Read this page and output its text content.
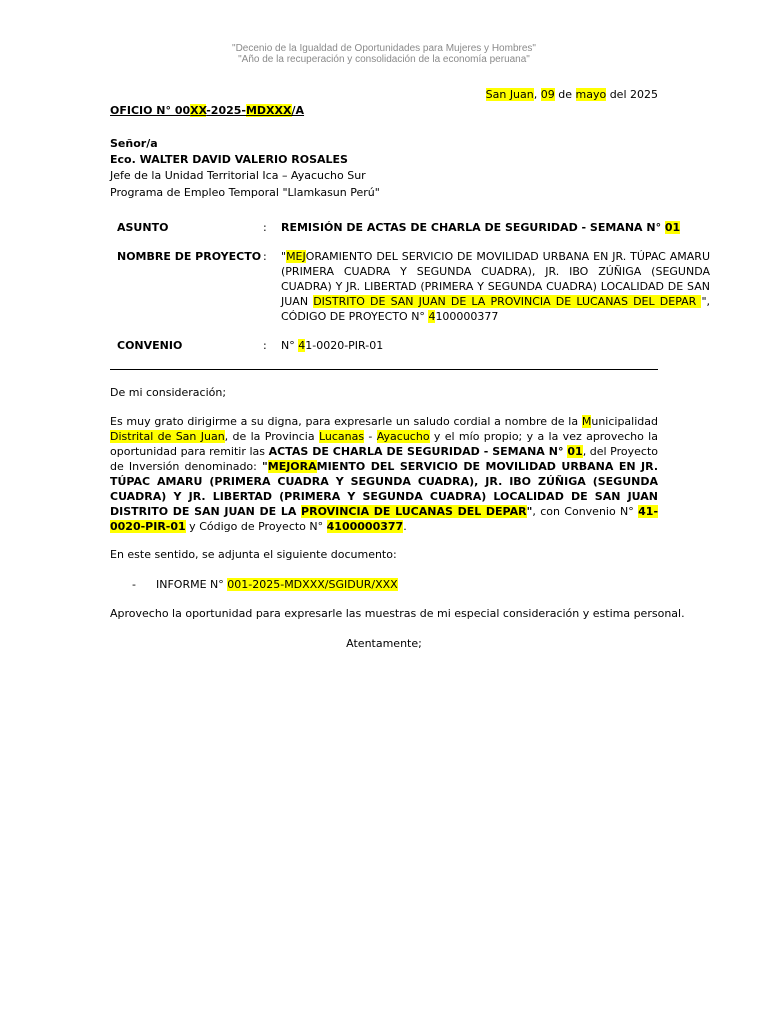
"Decenio de la Igualdad de Oportunidades para Mujeres y Hombres"
"Año de la recuperación y consolidación de la economía peruana"
San Juan, 09 de mayo del 2025
OFICIO N° 00XX-2025-MDXXX/A
Señor/a
Eco. WALTER DAVID VALERIO ROSALES
Jefe de la Unidad Territorial Ica – Ayacucho Sur
Programa de Empleo Temporal "Llamkasun Perú"
ASUNTO	: REMISIÓN DE ACTAS DE CHARLA DE SEGURIDAD - SEMANA N° 01
NOMBRE DE PROYECTO : "MEJORAMIENTO DEL SERVICIO DE MOVILIDAD URBANA EN JR. TÚPAC AMARU (PRIMERA CUADRA Y SEGUNDA CUADRA), JR. IBO ZÚÑIGA (SEGUNDA CUADRA) Y JR. LIBERTAD (PRIMERA Y SEGUNDA CUADRA) LOCALIDAD DE SAN JUAN DISTRITO DE SAN JUAN DE LA PROVINCIA DE LUCANAS DEL DEPAR ", CÓDIGO DE PROYECTO N° 4100000377
CONVENIO	: N° 41-0020-PIR-01
De mi consideración;
Es muy grato dirigirme a su digna, para expresarle un saludo cordial a nombre de la Municipalidad Distrital de San Juan, de la Provincia Lucanas - Ayacucho y el mío propio; y a la vez aprovecho la oportunidad para remitir las ACTAS DE CHARLA DE SEGURIDAD - SEMANA N° 01, del Proyecto de Inversión denominado: "MEJORAMIENTO DEL SERVICIO DE MOVILIDAD URBANA EN JR. TÚPAC AMARU (PRIMERA CUADRA Y SEGUNDA CUADRA), JR. IBO ZÚÑIGA (SEGUNDA CUADRA) Y JR. LIBERTAD (PRIMERA Y SEGUNDA CUADRA) LOCALIDAD DE SAN JUAN DISTRITO DE SAN JUAN DE LA PROVINCIA DE LUCANAS DEL DEPAR", con Convenio N° 41-0020-PIR-01 y Código de Proyecto N° 4100000377.
En este sentido, se adjunta el siguiente documento:
- INFORME N° 001-2025-MDXXX/SGIDUR/XXX
Aprovecho la oportunidad para expresarle las muestras de mi especial consideración y estima personal.
Atentamente;
